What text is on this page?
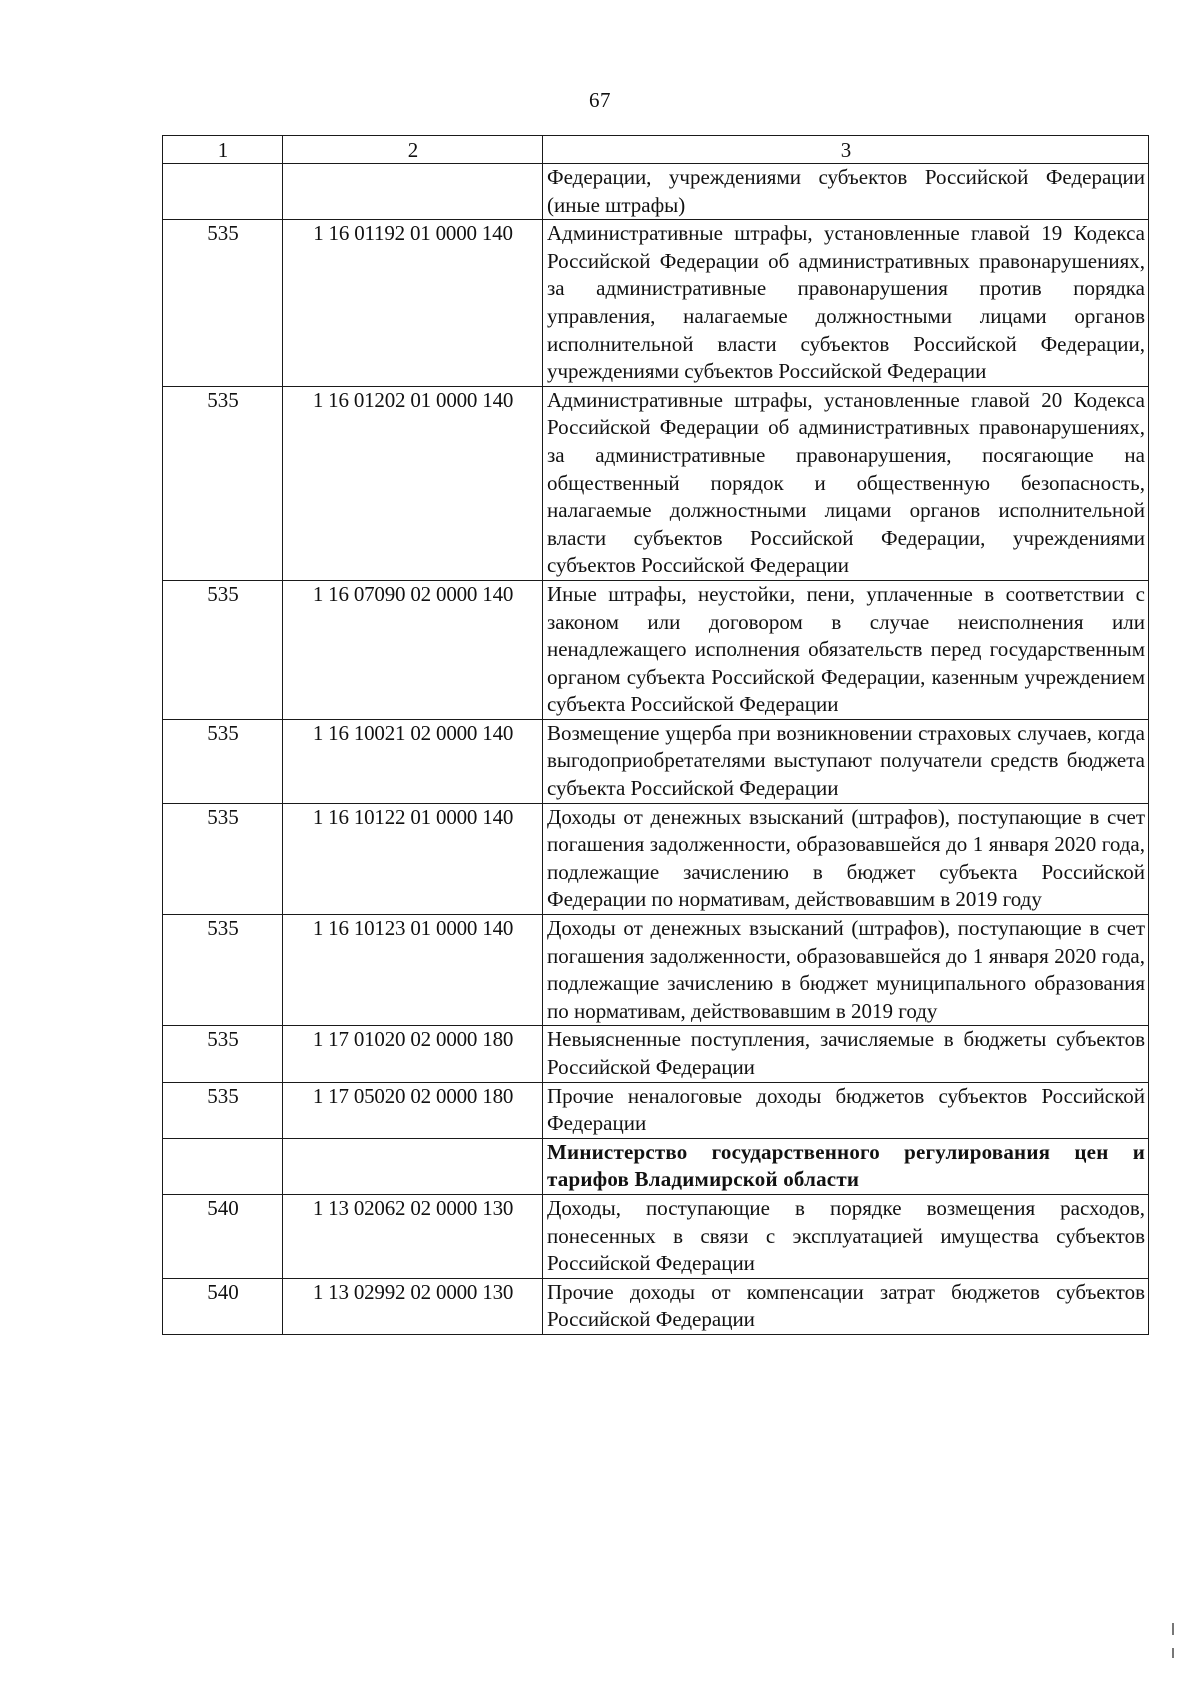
67
1	2	3
		Федерации, учреждениями субъектов Российской Федерации (иные штрафы)
535	1 16 01192 01 0000 140	Административные штрафы, установленные главой 19 Кодекса Российской Федерации об административных правонарушениях, за административные правонарушения против порядка управления, налагаемые должностными лицами органов исполнительной власти субъектов Российской Федерации, учреждениями субъектов Российской Федерации
535	1 16 01202 01 0000 140	Административные штрафы, установленные главой 20 Кодекса Российской Федерации об административных правонарушениях, за административные правонарушения, посягающие на общественный порядок и общественную безопасность, налагаемые должностными лицами органов исполнительной власти субъектов Российской Федерации, учреждениями субъектов Российской Федерации
535	1 16 07090 02 0000 140	Иные штрафы, неустойки, пени, уплаченные в соответствии с законом или договором в случае неисполнения или ненадлежащего исполнения обязательств перед государственным органом субъекта Российской Федерации, казенным учреждением субъекта Российской Федерации
535	1 16 10021 02 0000 140	Возмещение ущерба при возникновении страховых случаев, когда выгодоприобретателями выступают получатели средств бюджета субъекта Российской Федерации
535	1 16 10122 01 0000 140	Доходы от денежных взысканий (штрафов), поступающие в счет погашения задолженности, образовавшейся до 1 января 2020 года, подлежащие зачислению в бюджет субъекта Российской Федерации по нормативам, действовавшим в 2019 году
535	1 16 10123 01 0000 140	Доходы от денежных взысканий (штрафов), поступающие в счет погашения задолженности, образовавшейся до 1 января 2020 года, подлежащие зачислению в бюджет муниципального образования по нормативам, действовавшим в 2019 году
535	1 17 01020 02 0000 180	Невыясненные поступления, зачисляемые в бюджеты субъектов Российской Федерации
535	1 17 05020 02 0000 180	Прочие неналоговые доходы бюджетов субъектов Российской Федерации
		Министерство государственного регулирования цен и тарифов Владимирской области
540	1 13 02062 02 0000 130	Доходы, поступающие в порядке возмещения расходов, понесенных в связи с эксплуатацией имущества субъектов Российской Федерации
540	1 13 02992 02 0000 130	Прочие доходы от компенсации затрат бюджетов субъектов Российской Федерации
